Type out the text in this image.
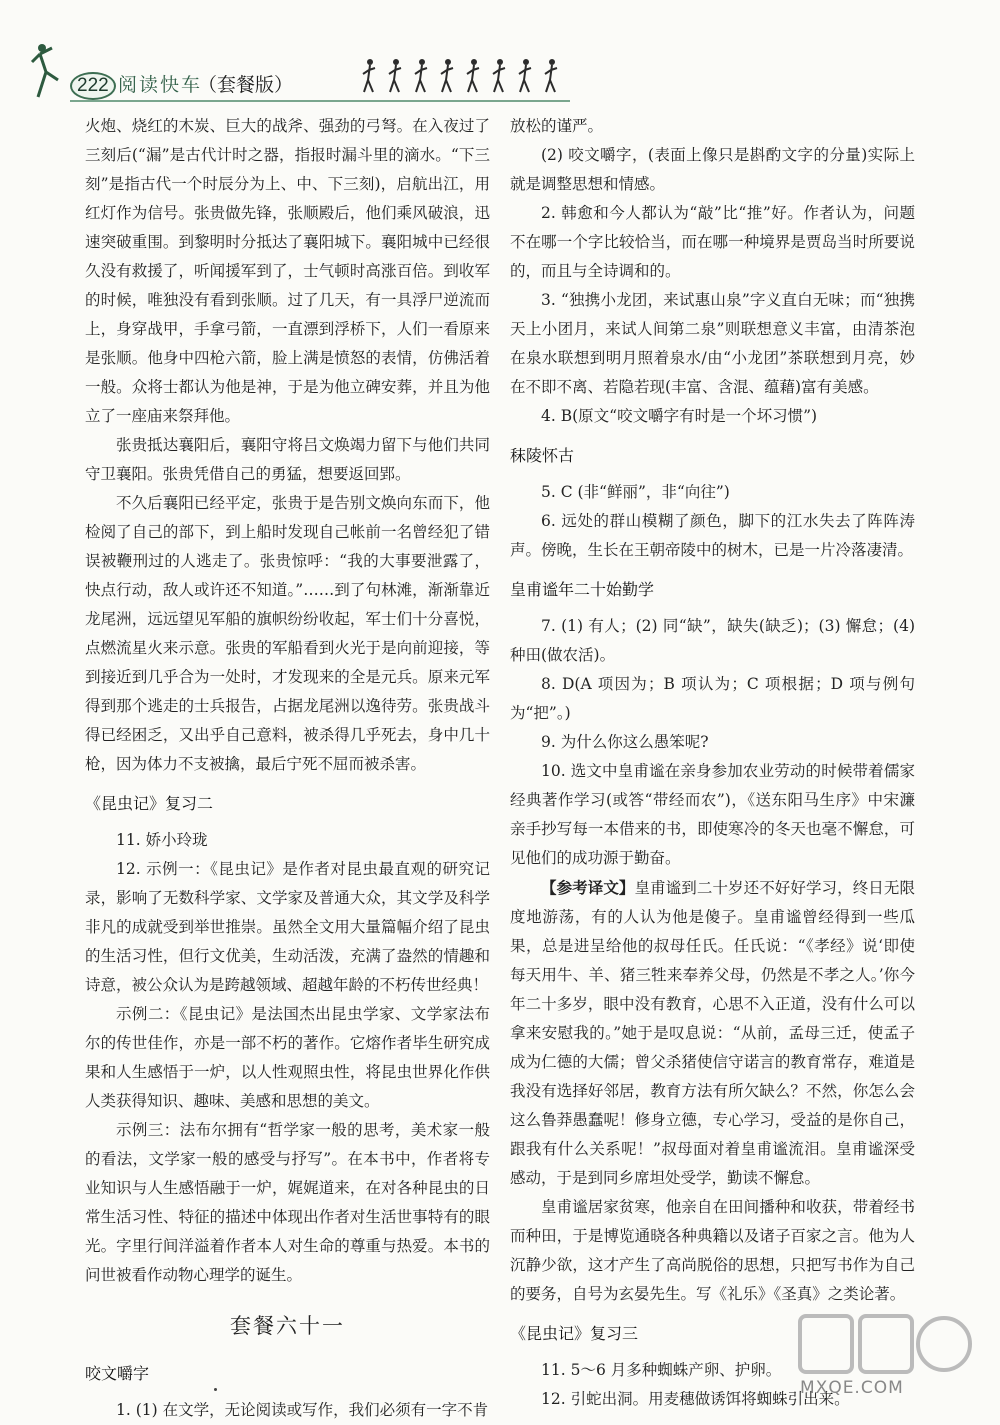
222 阅读快车
（套餐版）

火炮、烧红的木炭、巨大的战斧、强劲的弓弩。在入夜过了三刻后(“漏”是古代计时之器，指报时漏斗里的滴水。“下三刻”是指古代一个时辰分为上、中、下三刻)，启航出江，用红灯作为信号。张贵做先锋，张顺殿后，他们乘风破浪，迅速突破重围。到黎明时分抵达了襄阳城下。襄阳城中已经很久没有救援了，听闻援军到了，士气顿时高涨百倍。到收军的时候，唯独没有看到张顺。过了几天，有一具浮尸逆流而上，身穿战甲，手拿弓箭，一直漂到浮桥下，人们一看原来是张顺。他身中四枪六箭，脸上满是愤怒的表情，仿佛活着一般。众将士都认为他是神，于是为他立碑安葬，并且为他立了一座庙来祭拜他。

张贵抵达襄阳后，襄阳守将吕文焕竭力留下与他们共同守卫襄阳。张贵凭借自己的勇猛，想要返回郢。

不久后襄阳已经平定，张贵于是告别文焕向东而下，他检阅了自己的部下，到上船时发现自己帐前一名曾经犯了错误被鞭刑过的人逃走了。张贵惊呼：“我的大事要泄露了，快点行动，敌人或许还不知道。”……到了句林滩，渐渐靠近龙尾洲，远远望见军船的旗帜纷纷收起，军士们十分喜悦，点燃流星火来示意。张贵的军船看到火光于是向前迎接，等到接近到几乎合为一处时，才发现来的全是元兵。原来元军得到那个逃走的士兵报告，占据龙尾洲以逸待劳。张贵战斗得已经困乏，又出乎自己意料，被杀得几乎死去，身中几十枪，因为体力不支被擒，最后宁死不屈而被杀害。

《昆虫记》复习二

11. 娇小玲珑

12. 示例一：《昆虫记》是作者对昆虫最直观的研究记录，影响了无数科学家、文学家及普通大众，其文学及科学非凡的成就受到举世推崇。虽然全文用大量篇幅介绍了昆虫的生活习性，但行文优美，生动活泼，充满了盎然的情趣和诗意，被公众认为是跨越领域、超越年龄的不朽传世经典！

示例二：《昆虫记》是法国杰出昆虫学家、文学家法布尔的传世佳作，亦是一部不朽的著作。它熔作者毕生研究成果和人生感悟于一炉，以人性观照虫性，将昆虫世界化作供人类获得知识、趣味、美感和思想的美文。

示例三：法布尔拥有“哲学家一般的思考，美术家一般的看法，文学家一般的感受与抒写”。在本书中，作者将专业知识与人生感悟融于一炉，娓娓道来，在对各种昆虫的日常生活习性、特征的描述中体现出作者对生活世事特有的眼光。字里行间洋溢着作者本人对生命的尊重与热爱。本书的问世被看作动物心理学的诞生。

套餐六十一
咬文嚼字

1. (1) 在文学，无论阅读或写作，我们必须有一字不肯

放松的谨严。

(2) 咬文嚼字，(表面上像只是斟酌文字的分量)实际上就是调整思想和情感。

2. 韩愈和今人都认为“敲”比“推”好。作者认为，问题不在哪一个字比较恰当，而在哪一种境界是贾岛当时所要说的，而且与全诗调和的。

3. “独携小龙团，来试惠山泉”字义直白无味；而“独携天上小团月，来试人间第二泉”则联想意义丰富，由清茶泡在泉水联想到明月照着泉水/由“小龙团”茶联想到月亮，妙在不即不离、若隐若现(丰富、含混、蕴藉)富有美感。

4. B(原文“咬文嚼字有时是一个坏习惯”)

秣陵怀古

5. C (非“鲜丽”，非“向往”)

6. 远处的群山模糊了颜色，脚下的江水失去了阵阵涛声。傍晚，生长在王朝帝陵中的树木，已是一片冷落凄清。

皇甫谧年二十始勤学

7. (1) 有人；(2) 同“缺”，缺失(缺乏)；(3) 懈怠；(4) 种田(做农活)。

8. D(A 项因为；B 项认为；C 项根据；D 项与例句为“把”。)

9. 为什么你这么愚笨呢?

10. 选文中皇甫谧在亲身参加农业劳动的时候带着儒家经典著作学习(或答“带经而农”)，《送东阳马生序》中宋濂亲手抄写每一本借来的书，即使寒冷的冬天也毫不懈怠，可见他们的成功源于勤奋。

【参考译文】皇甫谧到二十岁还不好好学习，终日无限度地游荡，有的人认为他是傻子。皇甫谧曾经得到一些瓜果，总是进呈给他的叔母任氏。任氏说：“《孝经》说‘即使每天用牛、羊、猪三牲来奉养父母，仍然是不孝之人。’你今年二十多岁，眼中没有教育，心思不入正道，没有什么可以拿来安慰我的。”她于是叹息说：“从前，孟母三迁，使孟子成为仁德的大儒；曾父杀猪使信守诺言的教育常存，难道是我没有选择好邻居，教育方法有所欠缺么？不然，你怎么会这么鲁莽愚蠢呢！修身立德，专心学习，受益的是你自己，跟我有什么关系呢！”叔母面对着皇甫谧流泪。皇甫谧深受感动，于是到同乡席坦处受学，勤读不懈怠。

皇甫谧居家贫寒，他亲自在田间播种和收获，带着经书而种田，于是博览通晓各种典籍以及诸子百家之言。他为人沉静少欲，这才产生了高尚脱俗的思想，只把写书作为自己的要务，自号为玄晏先生。写《礼乐》《圣真》之类论著。

《昆虫记》复习三

11. 5～6 月多种蜘蛛产卵、护卵。

12. 引蛇出洞。用麦穗做诱饵将蜘蛛引出来。

MXQE.COM
